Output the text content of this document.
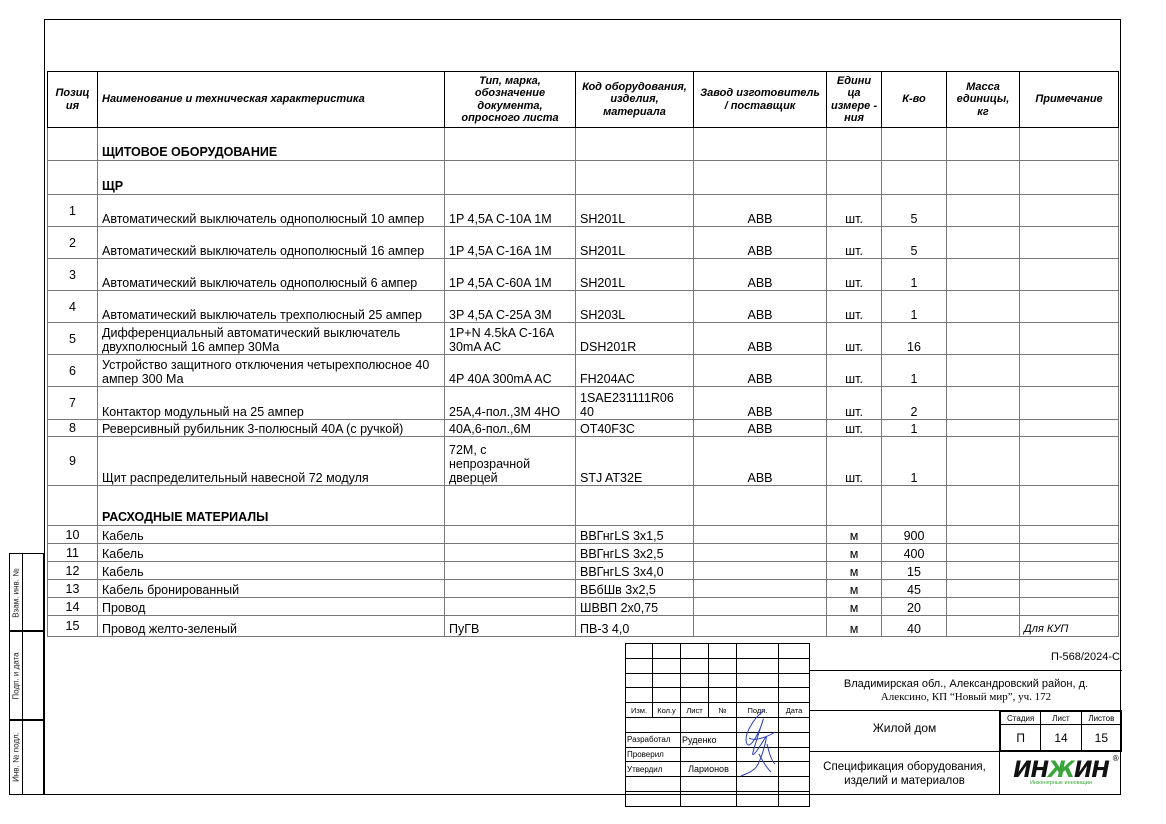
Позиц ия	Наименование и техническая характеристика	Тип, марка, обозначение документа, опросного листа	Код оборудования, изделия, материала	Завод изготовитель / поставщик	Едини ца измере - ния	К-во	Масса единицы, кг	Примечание
	ЩИТОВОЕ ОБОРУДОВАНИЕ							
	ЩР							
1	Автоматический выключатель однополюсный 10 ампер	1P 4,5A C-10A 1M	SH201L	ABB	шт.	5		
2	Автоматический выключатель однополюсный 16 ампер	1P 4,5A C-16A 1M	SH201L	ABB	шт.	5		
3	Автоматический выключатель однополюсный 6 ампер	1P 4,5A C-60A 1M	SH201L	ABB	шт.	1		
4	Автоматический выключатель трехполюсный 25 ампер	3P 4,5A C-25A 3M	SH203L	ABB	шт.	1		
5	Дифференциальный автоматический выключатель двухполюсный 16 ампер 30Ма	1P+N 4.5kA C-16A 30mA AC	DSH201R	ABB	шт.	16		
6	Устройство защитного отключения четырехполюсное 40 ампер 300 Ма	4P 40A 300mA AC	FH204AC	ABB	шт.	1		
7	Контактор модульный на 25 ампер	25A,4-пол.,3M 4НО	1SAE231111R06 40	ABB	шт.	2		
8	Реверсивный рубильник 3-полюсный 40A (с ручкой)	40A,6-пол.,6M	OT40F3C	ABB	шт.	1		
9	Щит распределительный навесной 72 модуля	72M, с непрозрачной дверцей	STJ AT32E	ABB	шт.	1		
	РАСХОДНЫЕ МАТЕРИАЛЫ							
10	Кабель		ВВГнгLS 3х1,5		м	900		
11	Кабель		ВВГнгLS 3х2,5		м	400		
12	Кабель		ВВГнгLS 3х4,0		м	15		
13	Кабель бронированный		ВБбШв 3х2,5		м	45		
14	Провод		ШВВП 2х0,75		м	20		
15	Провод желто-зеленый	ПуГВ	ПВ-3 4,0		м	40		Для КУП
Взам. инв. №
Подп. и дата
Инв. № подл.

Изм.	Кол.у	Лист	№	Подп.	Дата

Разработал		Руденко			
Проверил					
Утвердил		Ларионов			

П-568/2024-С
Владимирская обл., Александровский район, д.
Алексино, КП “Новый мир”, уч. 172
Жилой дом
Стадия	Лист	Листов
П	14	15
Спецификация оборудования,
изделий и материалов	ИНЖИН ®
Инженерные инновации
